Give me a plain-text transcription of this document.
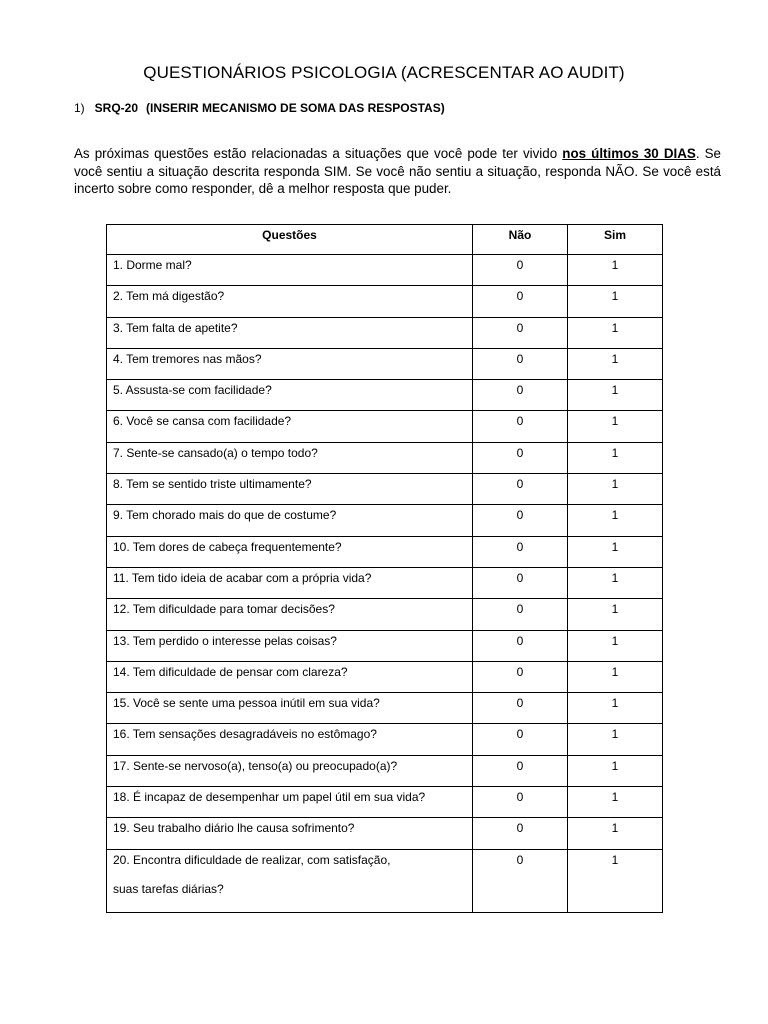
QUESTIONÁRIOS PSICOLOGIA (ACRESCENTAR AO AUDIT)
1) SRQ-20 (INSERIR MECANISMO DE SOMA DAS RESPOSTAS)

As próximas questões estão relacionadas a situações que você pode ter vivido nos últimos 30 DIAS. Se você sentiu a situação descrita responda SIM. Se você não sentiu a situação, responda NÃO. Se você está incerto sobre como responder, dê a melhor resposta que puder.

Questões	Não	Sim
1. Dorme mal?	0	1
2. Tem má digestão?	0	1
3. Tem falta de apetite?	0	1
4. Tem tremores nas mãos?	0	1
5. Assusta-se com facilidade?	0	1
6. Você se cansa com facilidade?	0	1
7. Sente-se cansado(a) o tempo todo?	0	1
8. Tem se sentido triste ultimamente?	0	1
9. Tem chorado mais do que de costume?	0	1
10. Tem dores de cabeça frequentemente?	0	1
11. Tem tido ideia de acabar com a própria vida?	0	1
12. Tem dificuldade para tomar decisões?	0	1
13. Tem perdido o interesse pelas coisas?	0	1
14. Tem dificuldade de pensar com clareza?	0	1
15. Você se sente uma pessoa inútil em sua vida?	0	1
16. Tem sensações desagradáveis no estômago?	0	1
17. Sente-se nervoso(a), tenso(a) ou preocupado(a)?	0	1
18. É incapaz de desempenhar um papel útil em sua vida?	0	1
19. Seu trabalho diário lhe causa sofrimento?	0	1
20. Encontra dificuldade de realizar, com satisfação,
suas tarefas diárias?	0	1
